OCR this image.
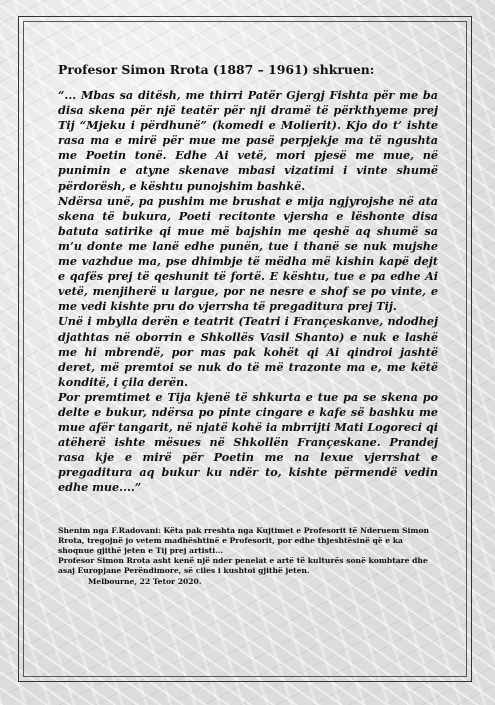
Profesor Simon Rrota (1887 – 1961) shkruen:

“... Mbas sa ditësh, me thirri Patër Gjergj Fishta për me ba disa skena për një teatër për nji dramë të përkthyeme prej Tij “Mjeku i përdhunë” (komedi e Molierit). Kjo do t’ ishte rasa ma e mirë për mue me pasë perpjekje ma të ngushta me Poetin tonë. Edhe Ai vetë, mori pjesë me mue, në punimin e atyne skenave mbasi vizatimi i vinte shumë përdorësh, e kështu punojshim bashkë.

Ndërsa unë, pa pushim me brushat e mija ngjyrojshe në ata skena të bukura, Poeti recitonte vjersha e lëshonte disa batuta satirike qi mue më bajshin me qeshë aq shumë sa m’u donte me lanë edhe punën, tue i thanë se nuk mujshe me vazhdue ma, pse dhimbje të mëdha më kishin kapë dejt e qafës prej të qeshunit të fortë. E kështu, tue e pa edhe Ai vetë, menjiherë u largue, por ne nesre e shof se po vinte, e me vedi kishte pru do vjerrsha të pregaditura prej Tij.

Unë i mbylla derën e teatrit (Teatri i Françeskanve, ndodhej djathtas në oborrin e Shkollës Vasil Shanto) e nuk e lashë me hi mbrendë, por mas pak kohët qi Ai qindroi jashtë deret, më premtoi se nuk do të më trazonte ma e, me këtë konditë, i çila derën.

Por premtimet e Tija kjenë të shkurta e tue pa se skena po delte e bukur, ndërsa po pinte cingare e kafe së bashku me mue afër tangarit, në njatë kohë ia mbrrijti Mati Logoreci qi atëherë ishte mësues në Shkollën Françeskane. Prandej rasa kje e mirë për Poetin me na lexue vjerrshat e pregaditura aq bukur ku ndër to, kishte përmendë vedin edhe mue....”

Shenim nga F.Radovani: Këta pak rreshta nga Kujtimet e Profesorit të Nderuem Simon Rrota, tregojnë jo vetem madhështinë e Profesorit, por edhe thjeshtësinë që e ka shoqnue gjithë jeten e Tij prej artisti...

Profesor Simon Rrota asht kenë një nder penelat e artë të kulturës sonë kombtare dhe asaj Europjane Perëndimore, së ciles i kushtoi gjithë jeten.

Melbourne, 22 Tetor 2020.
